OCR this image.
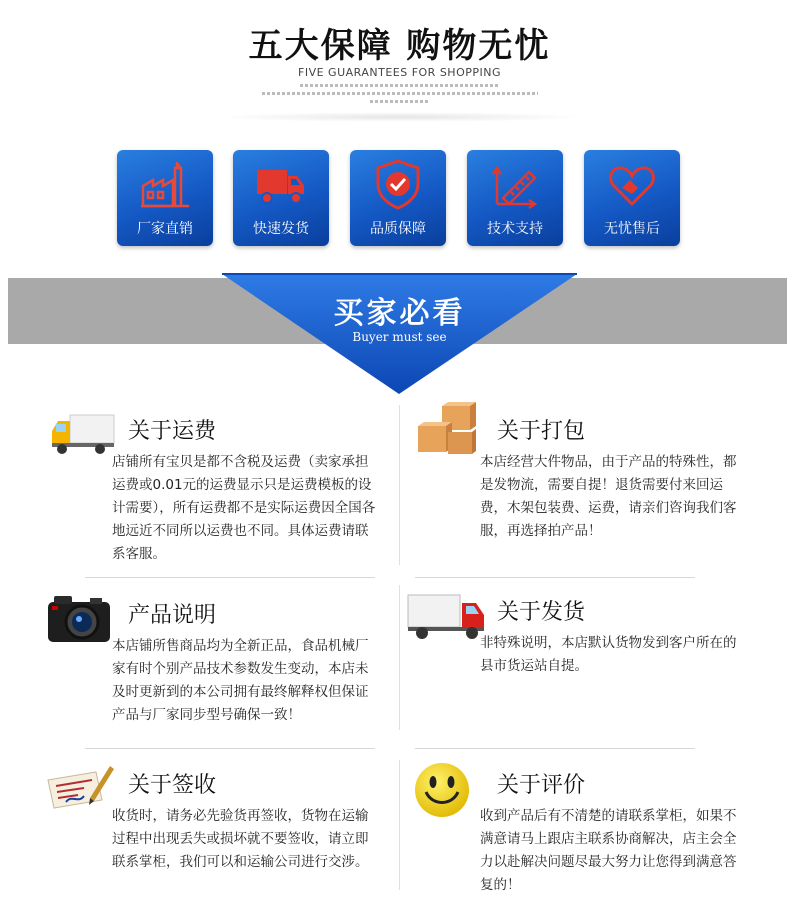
五大保障 购物无忧
FIVE GUARANTEES FOR SHOPPING
厂家直销	快速发货	品质保障	技术支持	无忧售后
买家必看
Buyer must see
关于运费
店铺所有宝贝是都不含税及运费（卖家承担运费或0.01元的运费显示只是运费模板的设计需要），所有运费都不是实际运费因全国各地远近不同所以运费也不同。具体运费请联系客服。
关于打包
本店经营大件物品，由于产品的特殊性，都是发物流，需要自提！退货需要付来回运费，木架包装费、运费，请亲们咨询我们客服，再选择拍产品！
产品说明
本店铺所售商品均为全新正品，食品机械厂家有时个别产品技术参数发生变动，本店未及时更新到的本公司拥有最终解释权但保证产品与厂家同步型号确保一致！
关于发货
非特殊说明，本店默认货物发到客户所在的县市货运站自提。
关于签收
收货时，请务必先验货再签收，货物在运输过程中出现丢失或损坏就不要签收，请立即联系掌柜，我们可以和运输公司进行交涉。
关于评价
收到产品后有不清楚的请联系掌柜，如果不满意请马上跟店主联系协商解决，店主会全力以赴解决问题尽最大努力让您得到满意答复的！
